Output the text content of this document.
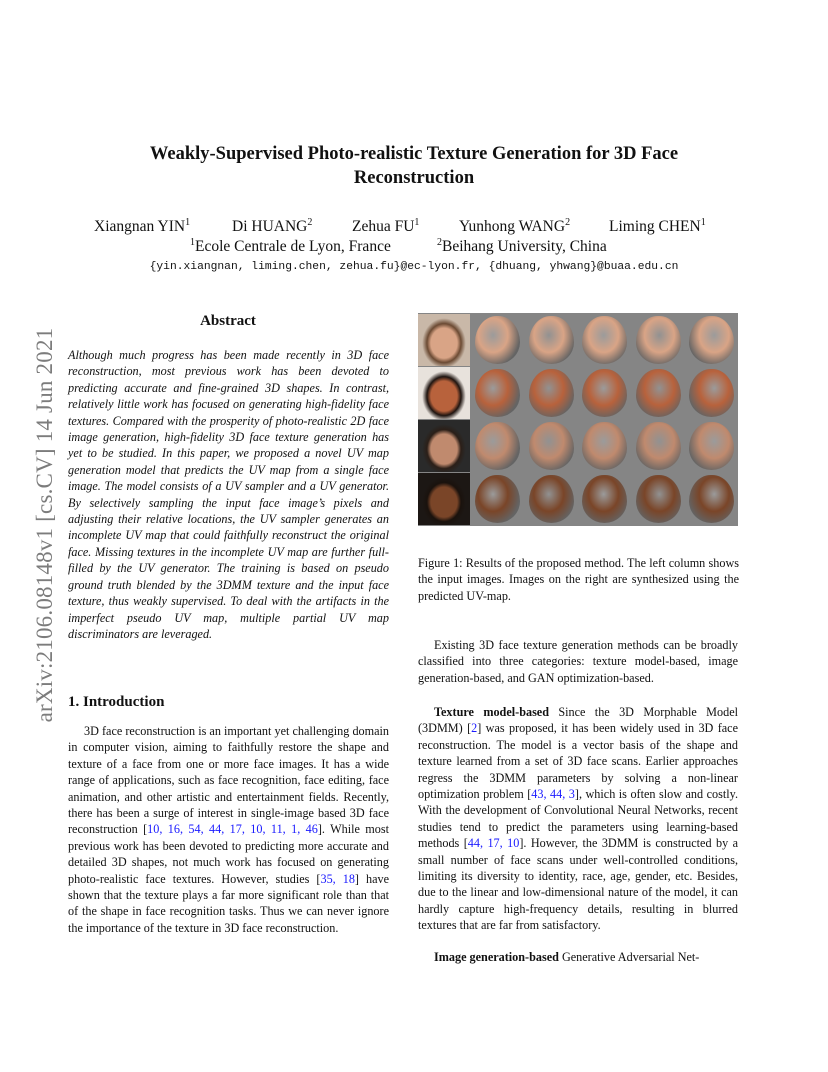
arXiv:2106.08148v1 [cs.CV] 14 Jun 2021
Weakly-Supervised Photo-realistic Texture Generation for 3D Face Reconstruction
Xiangnan YIN$^1$	Di HUANG$^2$	Zehua $FU^1$	Yunhong WANG$^2$	Liming CHEN$^1$
$^1$Ecole Centrale de Lyon, France	$^2$Beihang University, China
{yin.xiangnan, liming.chen, zehua.fu}@ec-lyon.fr, {dhuang, yhwang}@buaa.edu.cn
Abstract
Although much progress has been made recently in 3D face reconstruction, most previous work has been devoted to predicting accurate and fine-grained 3D shapes. In contrast, relatively little work has focused on generating high-fidelity face textures. Compared with the prosperity of photo-realistic 2D face image generation, high-fidelity 3D face texture generation has yet to be studied. In this paper, we proposed a novel UV map generation model that predicts the UV map from a single face image. The model consists of a UV sampler and a UV generator. By selectively sampling the input face image’s pixels and adjusting their relative locations, the UV sampler generates an incomplete UV map that could faithfully reconstruct the original face. Missing textures in the incomplete UV map are further full-filled by the UV generator. The training is based on pseudo ground truth blended by the 3DMM texture and the input face texture, thus weakly supervised. To deal with the artifacts in the imperfect pseudo UV map, multiple partial UV map discriminators are leveraged.
1. Introduction
3D face reconstruction is an important yet challenging domain in computer vision, aiming to faithfully restore the shape and texture of a face from one or more face images. It has a wide range of applications, such as face recognition, face editing, face animation, and other artistic and entertainment fields. Recently, there has been a surge of interest in single-image based 3D face reconstruction [10, 16, 54, 44, 17, 10, 11, 1, 46]. While most previous work has been devoted to predicting more accurate and detailed 3D shapes, not much work has focused on generating photo-realistic face textures. However, studies [35, 18] have shown that the texture plays a far more significant role than that of the shape in face recognition tasks. Thus we can never ignore the importance of the texture in 3D face reconstruction.
Figure 1: Results of the proposed method. The left column shows the input images. Images on the right are synthesized using the predicted UV-map.
Existing 3D face texture generation methods can be broadly classified into three categories: texture model-based, image generation-based, and GAN optimization-based.
Texture model-based Since the 3D Morphable Model (3DMM) [2] was proposed, it has been widely used in 3D face reconstruction. The model is a vector basis of the shape and texture learned from a set of 3D face scans. Earlier approaches regress the 3DMM parameters by solving a non-linear optimization problem [43, 44, 3], which is often slow and costly. With the development of Convolutional Neural Networks, recent studies tend to predict the parameters using learning-based methods [44, 17, 10]. However, the 3DMM is constructed by a small number of face scans under well-controlled conditions, limiting its diversity to identity, race, age, gender, etc. Besides, due to the linear and low-dimensional nature of the model, it can hardly capture high-frequency details, resulting in blurred textures that are far from satisfactory.
Image generation-based Generative Adversarial Net-
